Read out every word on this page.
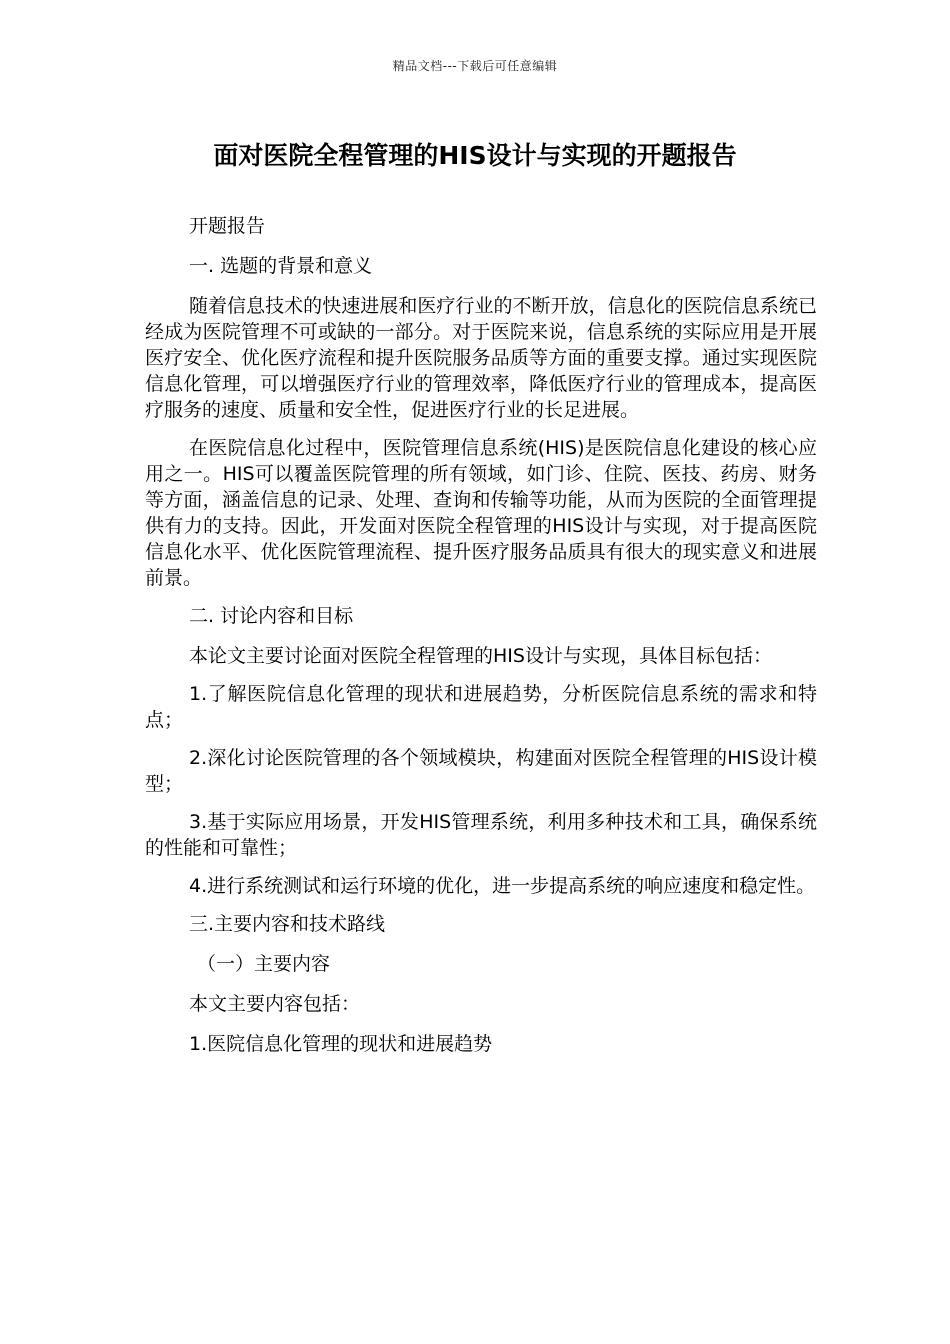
精品文档---下载后可任意编辑
面对医院全程管理的HIS设计与实现的开题报告

开题报告

一. 选题的背景和意义

随着信息技术的快速进展和医疗行业的不断开放，信息化的医院信息系统已经成为医院管理不可或缺的一部分。对于医院来说，信息系统的实际应用是开展医疗安全、优化医疗流程和提升医院服务品质等方面的重要支撑。通过实现医院信息化管理，可以增强医疗行业的管理效率，降低医疗行业的管理成本，提高医疗服务的速度、质量和安全性，促进医疗行业的长足进展。

在医院信息化过程中，医院管理信息系统(HIS)是医院信息化建设的核心应用之一。HIS可以覆盖医院管理的所有领域，如门诊、住院、医技、药房、财务等方面，涵盖信息的记录、处理、查询和传输等功能，从而为医院的全面管理提供有力的支持。因此，开发面对医院全程管理的HIS设计与实现，对于提高医院信息化水平、优化医院管理流程、提升医疗服务品质具有很大的现实意义和进展前景。

二. 讨论内容和目标

本论文主要讨论面对医院全程管理的HIS设计与实现，具体目标包括：

1.了解医院信息化管理的现状和进展趋势，分析医院信息系统的需求和特点；

2.深化讨论医院管理的各个领域模块，构建面对医院全程管理的HIS设计模型；

3.基于实际应用场景，开发HIS管理系统，利用多种技术和工具，确保系统的性能和可靠性；

4.进行系统测试和运行环境的优化，进一步提高系统的响应速度和稳定性。

三.主要内容和技术路线

（一）主要内容

本文主要内容包括：

1.医院信息化管理的现状和进展趋势
